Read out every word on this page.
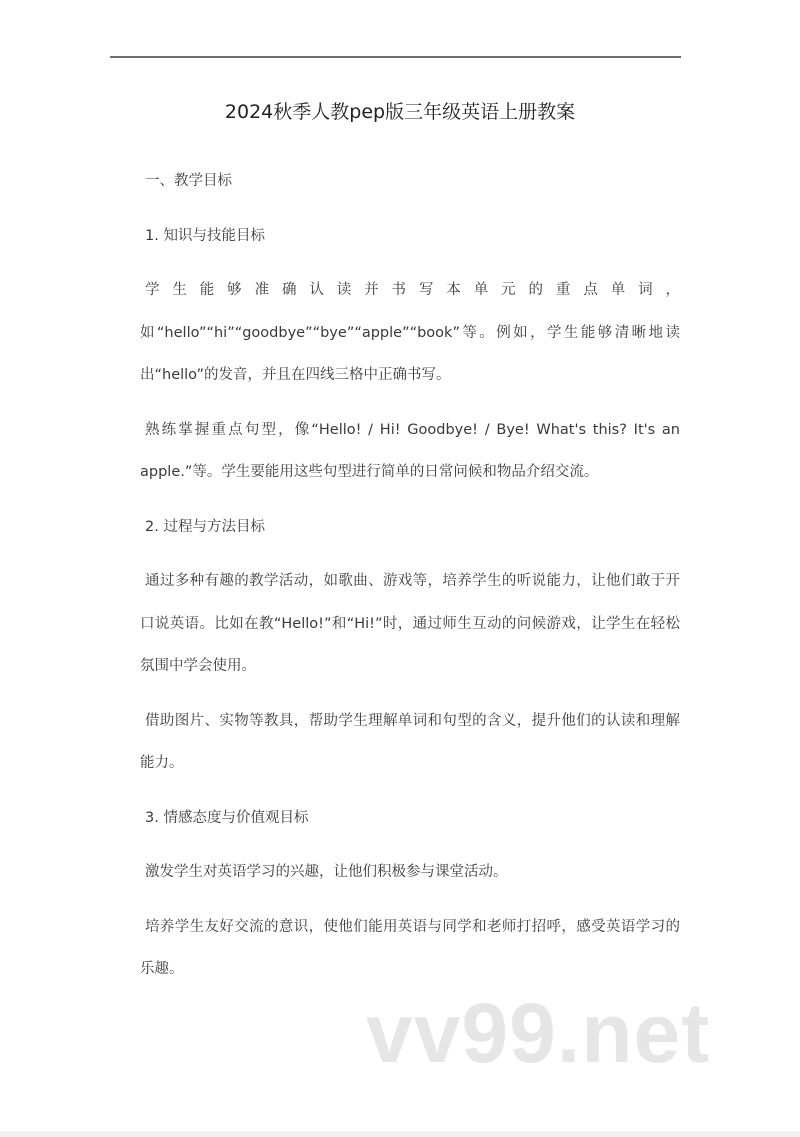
2024秋季人教pep版三年级英语上册教案

一、教学目标

1. 知识与技能目标

学生能够准确认读并书写本单元的重点单词，如“hello”“hi”“goodbye”“bye”“apple”“book”等。例如，学生能够清晰地读出“hello”的发音，并且在四线三格中正确书写。

熟练掌握重点句型，像“Hello! / Hi! Goodbye! / Bye! What's this? It's an apple.”等。学生要能用这些句型进行简单的日常问候和物品介绍交流。

2. 过程与方法目标

通过多种有趣的教学活动，如歌曲、游戏等，培养学生的听说能力，让他们敢于开口说英语。比如在教“Hello!”和“Hi!”时，通过师生互动的问候游戏，让学生在轻松氛围中学会使用。

借助图片、实物等教具，帮助学生理解单词和句型的含义，提升他们的认读和理解能力。

3. 情感态度与价值观目标

激发学生对英语学习的兴趣，让他们积极参与课堂活动。

培养学生友好交流的意识，使他们能用英语与同学和老师打招呼，感受英语学习的乐趣。

vv99.net
